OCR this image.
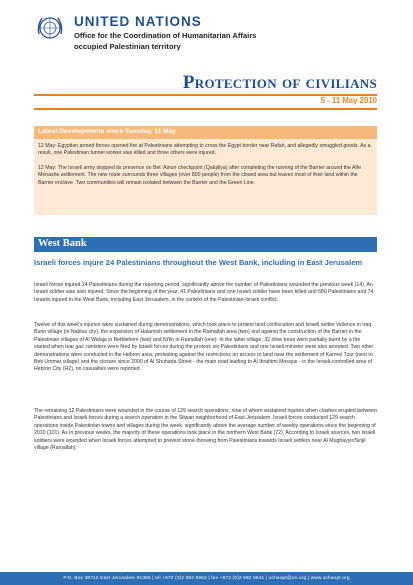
UNITED NATIONS
Office for the Coordination of Humanitarian Affairs
occupied Palestinian territory
Protection of civilians
5 - 11 May 2010
Latest Developments since Tuesday, 11 May

12 May: Egyptian armed forces opened fire at Palestinians attempting to cross the Egypt border near Rafah, and allegedly smuggled goods. As a result, one Palestinian tunnel worker was killed and three others were injured.

12 May: The Israeli army stopped its presence on Bet 'Ainun checkpoint (Qalqiliya) after completing the running of the Barrier around the Alfe Menashe settlement. The new route surrounds three villages (over 800 people) from the closed area but leaves most of their land within the Barrier enclave. Two communities will remain isolated between the Barrier and the Green Line.

West Bank
Israeli forces injure 24 Palestinians throughout the West Bank, including in East Jerusalem

Israeli forces injured 24 Palestinians during the reporting period, significantly above the number of Palestinians wounded the previous week (14). An Israeli soldier was also injured. Since the beginning of the year, 41 Palestinians and one Israeli soldier have been killed and 680 Palestinians and 74 Israelis injured in the West Bank, including East Jerusalem, in the context of the Palestinian-Israeli conflict.

Twelve of this week's injuries were sustained during demonstrations, which took place to protest land confiscation and Israeli settler violence in Iraq Burin village (in Nablus city), the expansion of Halamish settlement in the Ramallah area (two) and against the construction of the Barrier in the Palestinian villages of Al Walaja in Bethlehem (two) and Ni'lin in Ramallah (one). In the latter village, 32 olive trees were partially burnt by a fire started when tear gas canisters were fired by Israeli forces during the protest; six Palestinians and one Israeli minister were also arrested. Two other demonstrations were conducted in the Hebron area, protesting against the restrictions on access to land near the settlement of Karmei Tzur (next to Beit Ummar village) and the closure since 2000 of Al Shuhada Street - the main road leading to Al Ibrahimi Mosque - in the Israeli-controlled area of Hebron City (H2), no casualties were reported.

The remaining 12 Palestinians were wounded in the course of 129 search operations, nine of whom sustained injuries when clashes erupted between Palestinians and Israeli forces during a search operation in the Silwan neighborhood of East Jerusalem. Israeli forces conducted 129 search operations inside Palestinian towns and villages during the week, significantly above the average number of weekly operations since the beginning of 2010 (101). As in previous weeks, the majority of these operations took place in the northern West Bank (72). According to Israeli sources, two Israeli soldiers were wounded when Israeli forces attempted to prevent stone throwing from Palestinians towards Israeli settlers near Al Mughayyir/Sinjil village (Ramallah).

P.O. Box 38712 East Jerusalem 91386 | tel +972 (0)2 582 9962 | fax +972 (0)2 582 5841 | ochaopt@un.org | www.ochaopt.org
